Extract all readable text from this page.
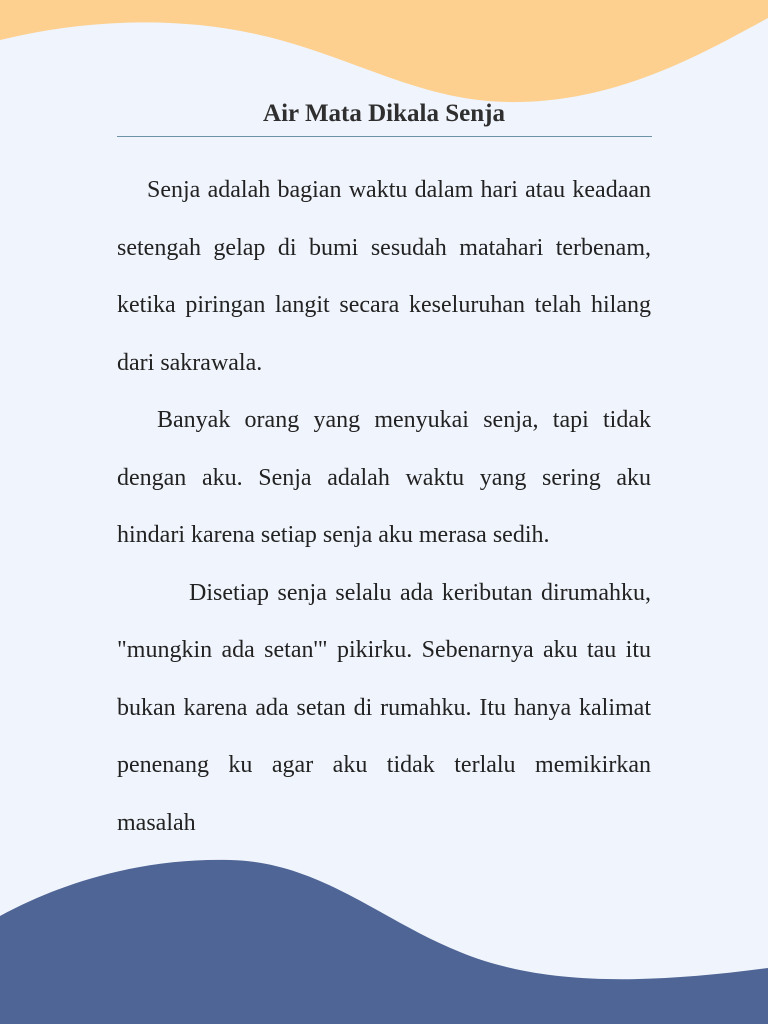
Air Mata Dikala Senja

Senja adalah bagian waktu dalam hari atau keadaan setengah gelap di bumi sesudah matahari terbenam, ketika piringan langit secara keseluruhan telah hilang dari sakrawala.

Banyak orang yang menyukai senja, tapi tidak dengan aku. Senja adalah waktu yang sering aku hindari karena setiap senja aku merasa sedih.

Disetiap senja selalu ada keributan dirumahku, "mungkin ada setan'" pikirku. Sebenarnya aku tau itu bukan karena ada setan di rumahku. Itu hanya kalimat penenang ku agar aku tidak terlalu memikirkan masalah
